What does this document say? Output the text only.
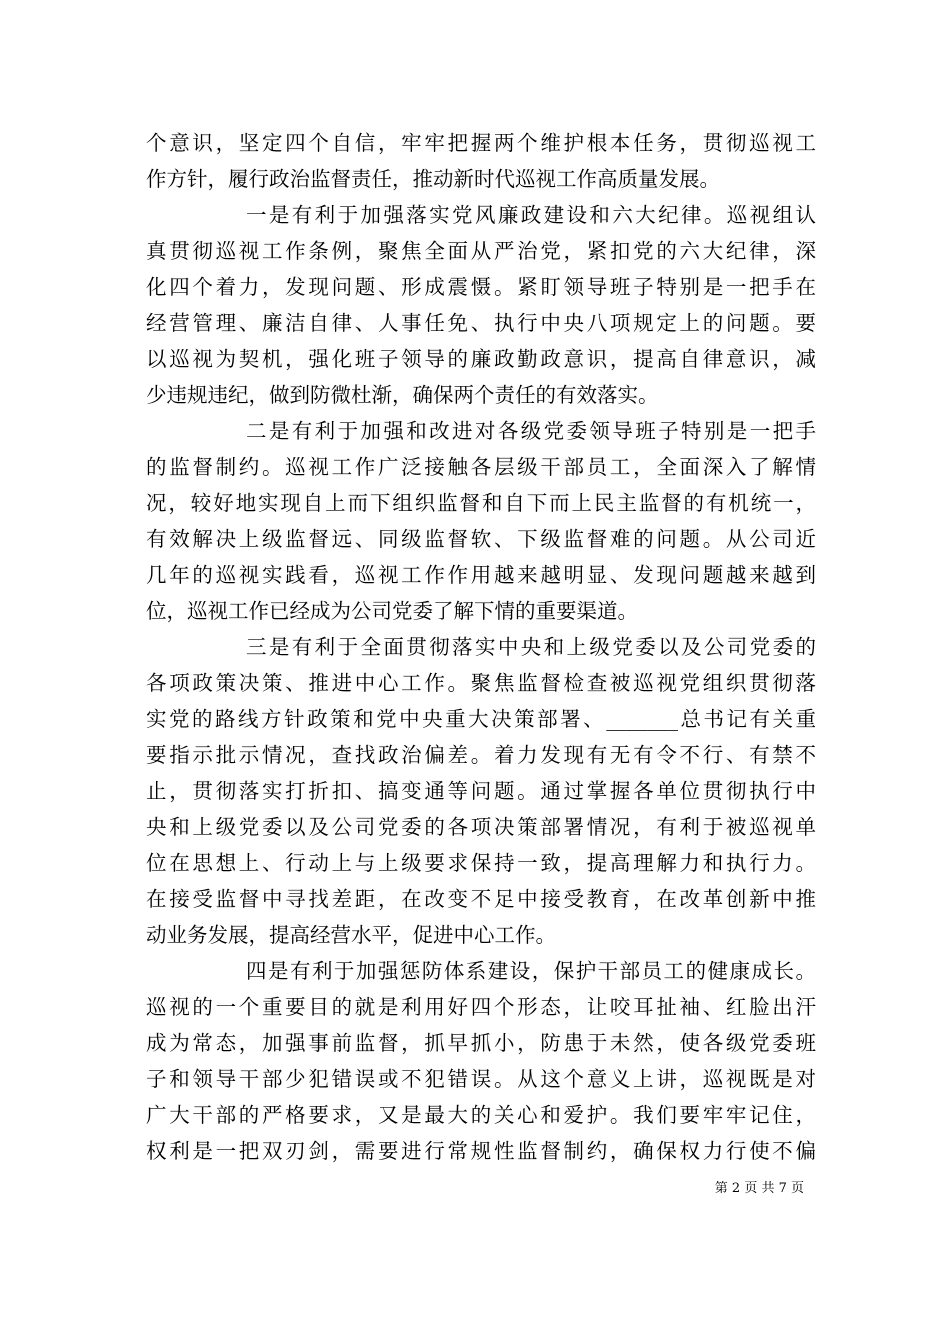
个意识，坚定四个自信，牢牢把握两个维护根本任务，贯彻巡视工
作方针，履行政治监督责任，推动新时代巡视工作高质量发展。
一是有利于加强落实党风廉政建设和六大纪律。巡视组认
真贯彻巡视工作条例，聚焦全面从严治党，紧扣党的六大纪律，深
化四个着力，发现问题、形成震慑。紧盯领导班子特别是一把手在
经营管理、廉洁自律、人事任免、执行中央八项规定上的问题。要
以巡视为契机，强化班子领导的廉政勤政意识，提高自律意识，减
少违规违纪，做到防微杜渐，确保两个责任的有效落实。
二是有利于加强和改进对各级党委领导班子特别是一把手
的监督制约。巡视工作广泛接触各层级干部员工，全面深入了解情
况，较好地实现自上而下组织监督和自下而上民主监督的有机统一，
有效解决上级监督远、同级监督软、下级监督难的问题。从公司近
几年的巡视实践看，巡视工作作用越来越明显、发现问题越来越到
位，巡视工作已经成为公司党委了解下情的重要渠道。
三是有利于全面贯彻落实中央和上级党委以及公司党委的
各项政策决策、推进中心工作。聚焦监督检查被巡视党组织贯彻落
实党的路线方针政策和党中央重大决策部署、_______总书记有关重
要指示批示情况，查找政治偏差。着力发现有无有令不行、有禁不
止，贯彻落实打折扣、搞变通等问题。通过掌握各单位贯彻执行中
央和上级党委以及公司党委的各项决策部署情况，有利于被巡视单
位在思想上、行动上与上级要求保持一致，提高理解力和执行力。
在接受监督中寻找差距，在改变不足中接受教育，在改革创新中推
动业务发展，提高经营水平，促进中心工作。
四是有利于加强惩防体系建设，保护干部员工的健康成长。
巡视的一个重要目的就是利用好四个形态，让咬耳扯袖、红脸出汗
成为常态，加强事前监督，抓早抓小，防患于未然，使各级党委班
子和领导干部少犯错误或不犯错误。从这个意义上讲，巡视既是对
广大干部的严格要求，又是最大的关心和爱护。我们要牢牢记住，
权利是一把双刃剑，需要进行常规性监督制约，确保权力行使不偏
第 2 页 共 7 页
